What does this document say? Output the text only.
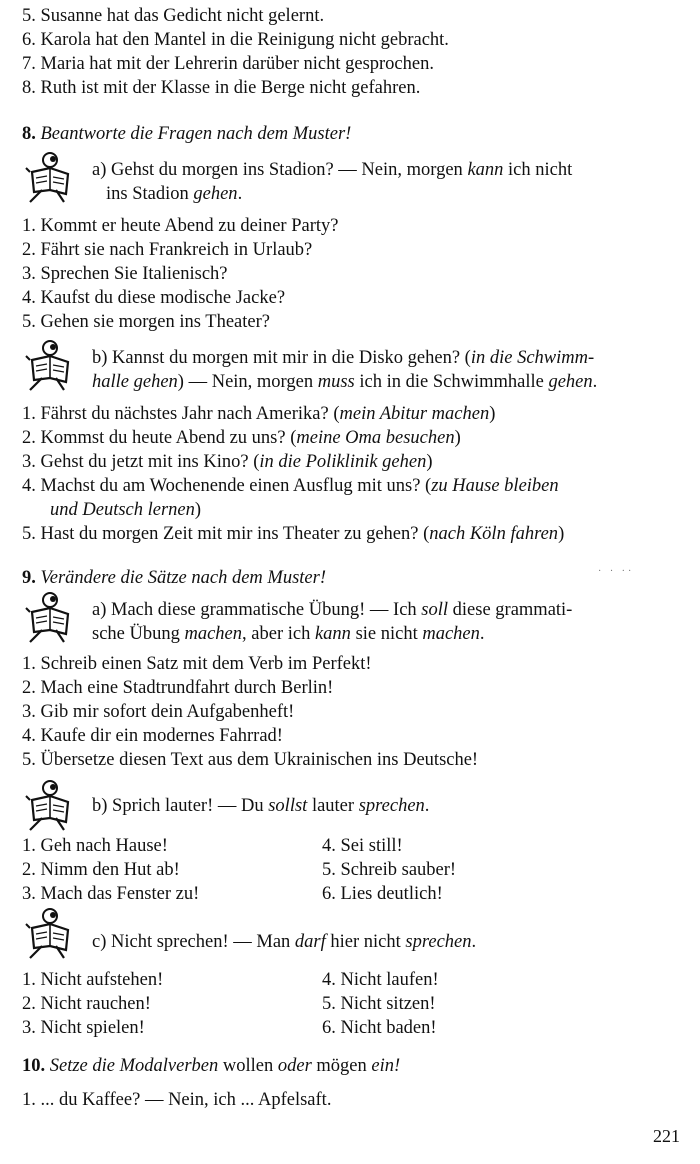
5. Susanne hat das Gedicht nicht gelernt.
6. Karola hat den Mantel in die Reinigung nicht gebracht.
7. Maria hat mit der Lehrerin darüber nicht gesprochen.
8. Ruth ist mit der Klasse in die Berge nicht gefahren.
8. Beantworte die Fragen nach dem Muster!
a) Gehst du morgen ins Stadion? — Nein, morgen kann ich nicht
ins Stadion gehen.
1. Kommt er heute Abend zu deiner Party?
2. Fährt sie nach Frankreich in Urlaub?
3. Sprechen Sie Italienisch?
4. Kaufst du diese modische Jacke?
5. Gehen sie morgen ins Theater?
b) Kannst du morgen mit mir in die Disko gehen? (in die Schwimm-
halle gehen) — Nein, morgen muss ich in die Schwimmhalle gehen.
1. Fährst du nächstes Jahr nach Amerika? (mein Abitur machen)
2. Kommst du heute Abend zu uns? (meine Oma besuchen)
3. Gehst du jetzt mit ins Kino? (in die Poliklinik gehen)
4. Machst du am Wochenende einen Ausflug mit uns? (zu Hause bleiben
und Deutsch lernen)
5. Hast du morgen Zeit mit mir ins Theater zu gehen? (nach Köln fahren)
9. Verändere die Sätze nach dem Muster!	· · ··
a) Mach diese grammatische Übung! — Ich soll diese grammati-
sche Übung machen, aber ich kann sie nicht machen.
1. Schreib einen Satz mit dem Verb im Perfekt!
2. Mach eine Stadtrundfahrt durch Berlin!
3. Gib mir sofort dein Aufgabenheft!
4. Kaufe dir ein modernes Fahrrad!
5. Übersetze diesen Text aus dem Ukrainischen ins Deutsche!
b) Sprich lauter! — Du sollst lauter sprechen.
1. Geh nach Hause!
2. Nimm den Hut ab!
3. Mach das Fenster zu!
4. Sei still!
5. Schreib sauber!
6. Lies deutlich!
c) Nicht sprechen! — Man darf hier nicht sprechen.
1. Nicht aufstehen!
2. Nicht rauchen!
3. Nicht spielen!
4. Nicht laufen!
5. Nicht sitzen!
6. Nicht baden!
10. Setze die Modalverben wollen oder mögen ein!
1. ... du Kaffee? — Nein, ich ... Apfelsaft.
221
